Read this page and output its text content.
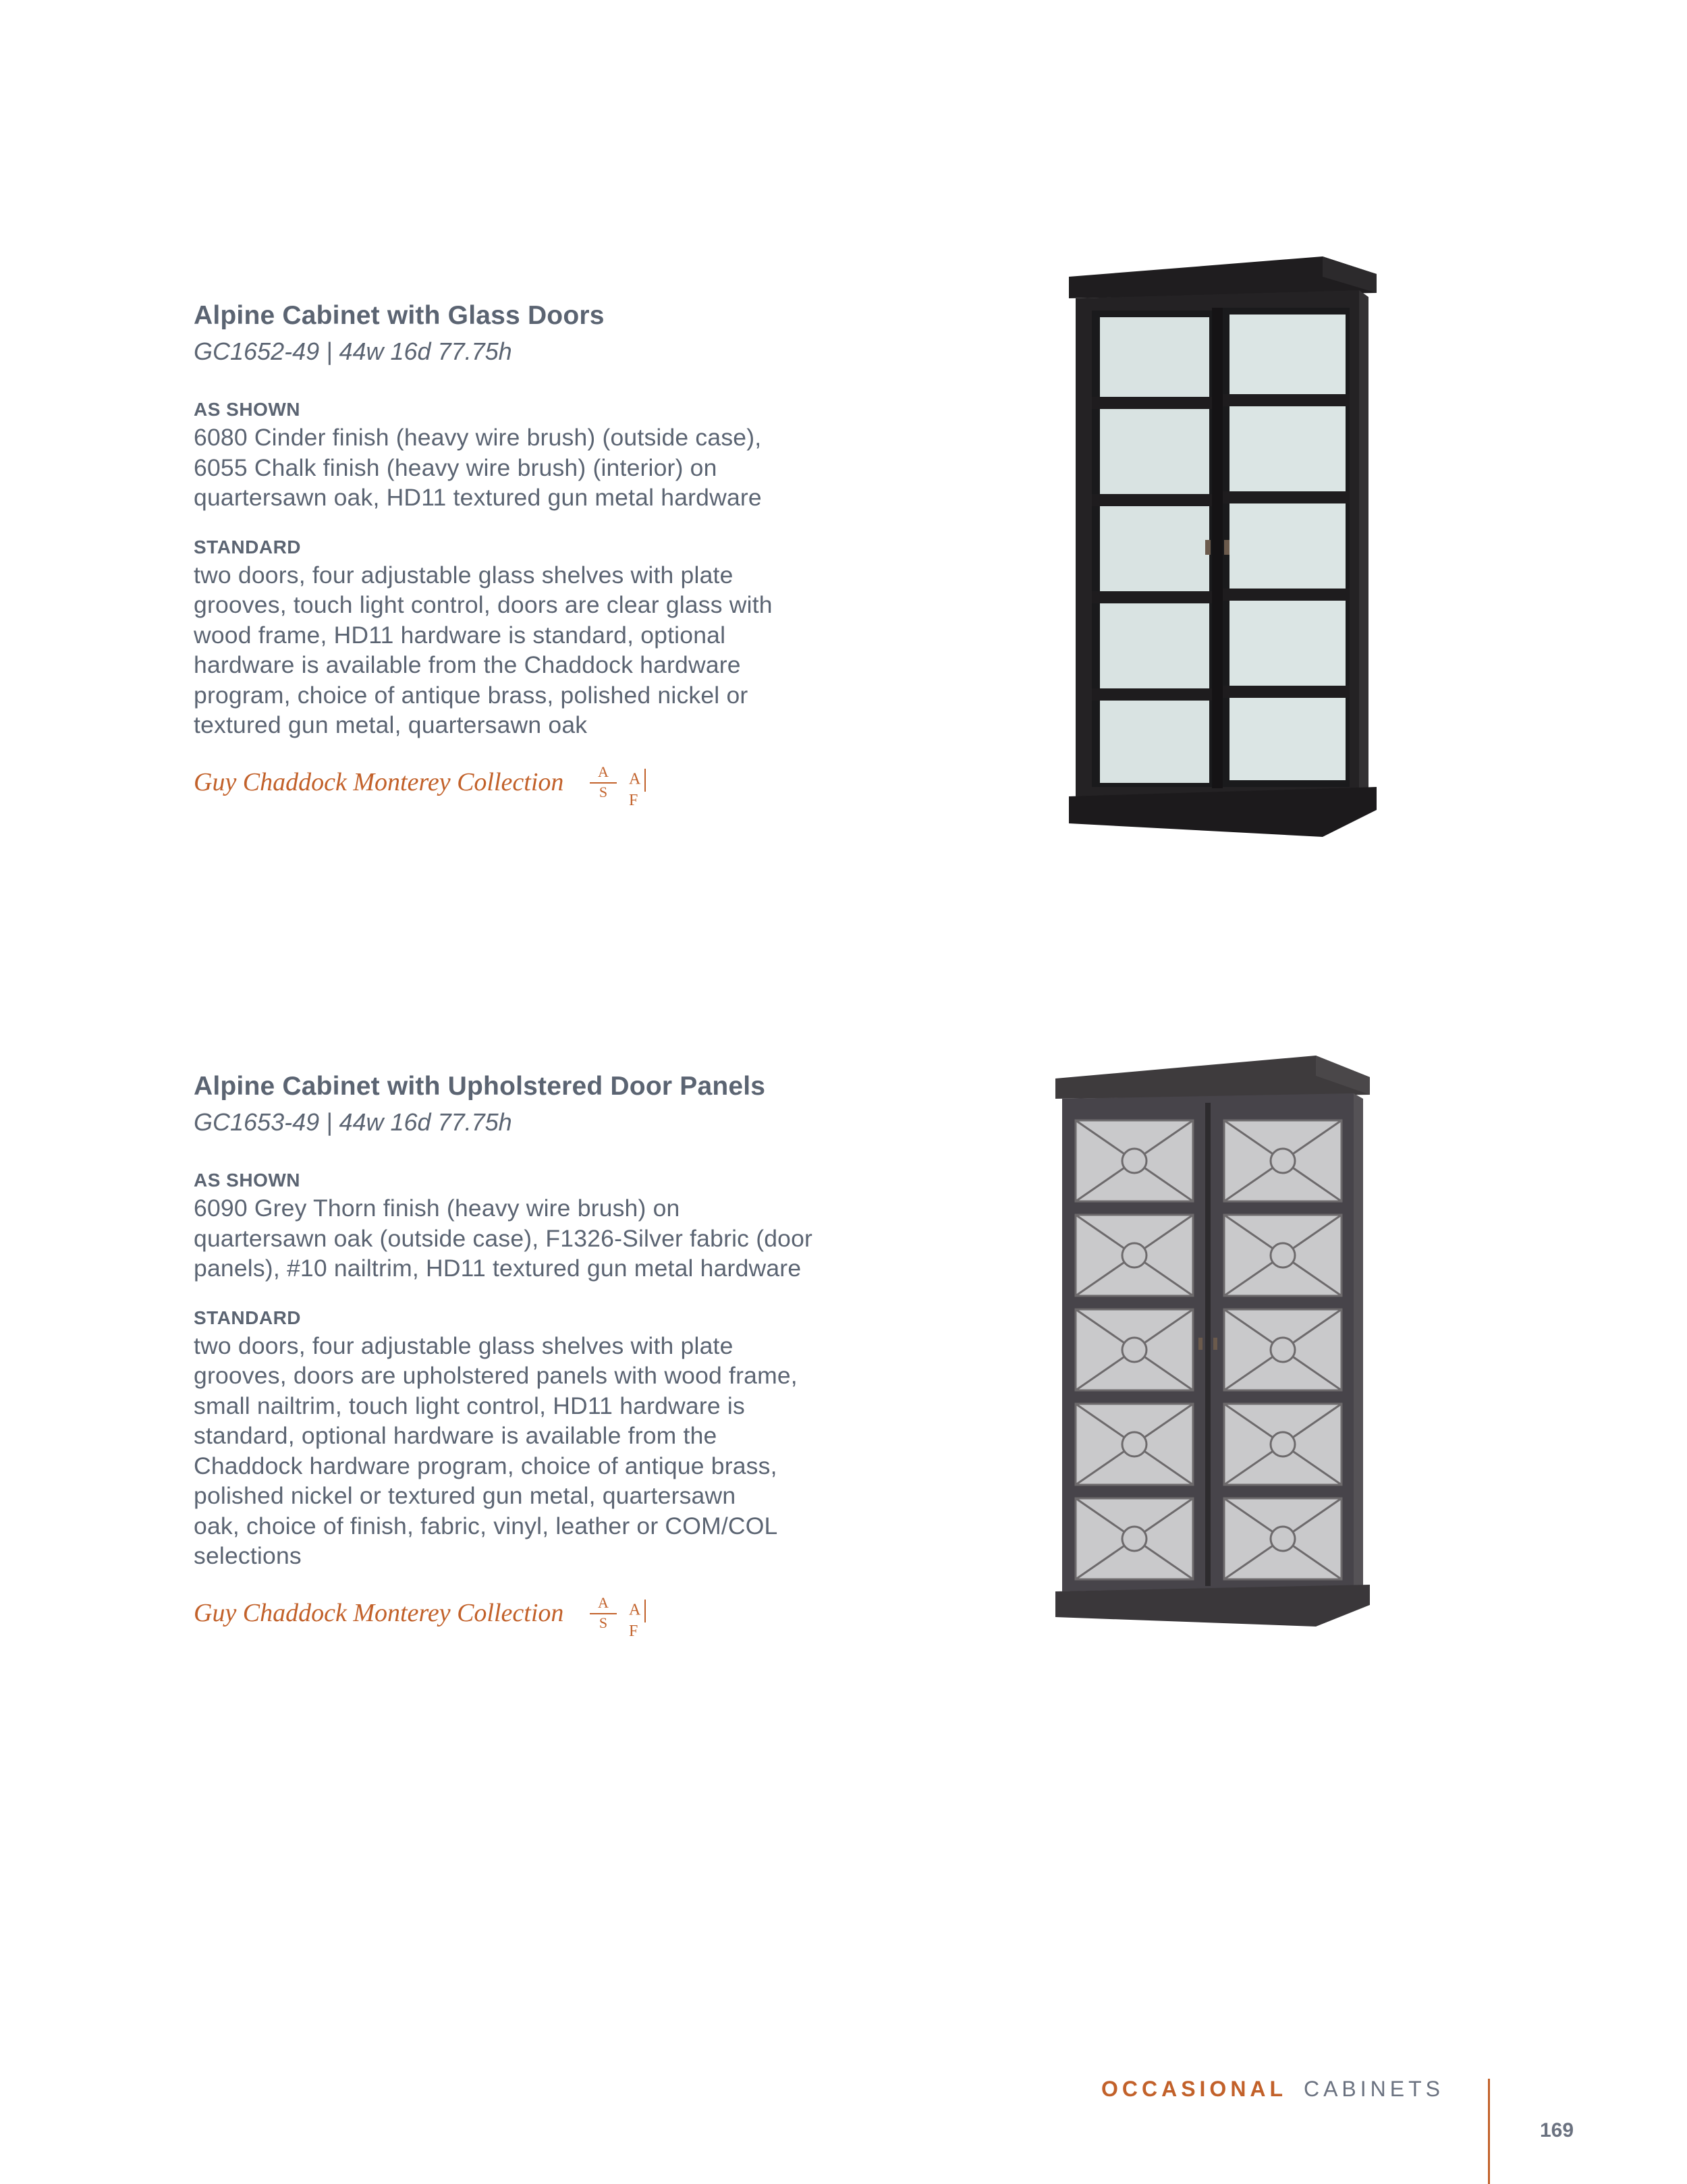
Alpine Cabinet with Glass Doors

GC1652-49 | 44w 16d 77.75h

AS SHOWN

6080 Cinder finish (heavy wire brush) (outside case),
6055 Chalk finish (heavy wire brush) (interior) on
quartersawn oak, HD11 textured gun metal hardware

STANDARD

two doors, four adjustable glass shelves with plate
grooves, touch light control, doors are clear glass with
wood frame, HD11 hardware is standard, optional
hardware is available from the Chaddock hardware
program, choice of antique brass, polished nickel or
textured gun metal, quartersawn oak

Guy Chaddock Monterey Collection	A
S
AF
Alpine Cabinet with Upholstered Door Panels

GC1653-49 | 44w 16d 77.75h

AS SHOWN

6090 Grey Thorn finish (heavy wire brush) on
quartersawn oak (outside case), F1326-Silver fabric (door
panels), #10 nailtrim, HD11 textured gun metal hardware

STANDARD

two doors, four adjustable glass shelves with plate
grooves, doors are upholstered panels with wood frame,
small nailtrim, touch light control, HD11 hardware is
standard, optional hardware is available from the
Chaddock hardware program, choice of antique brass,
polished nickel or textured gun metal, quartersawn
oak, choice of finish, fabric, vinyl, leather or COM/COL
selections

Guy Chaddock Monterey Collection	A
S
AF
OCCASIONAL CABINETS
169
